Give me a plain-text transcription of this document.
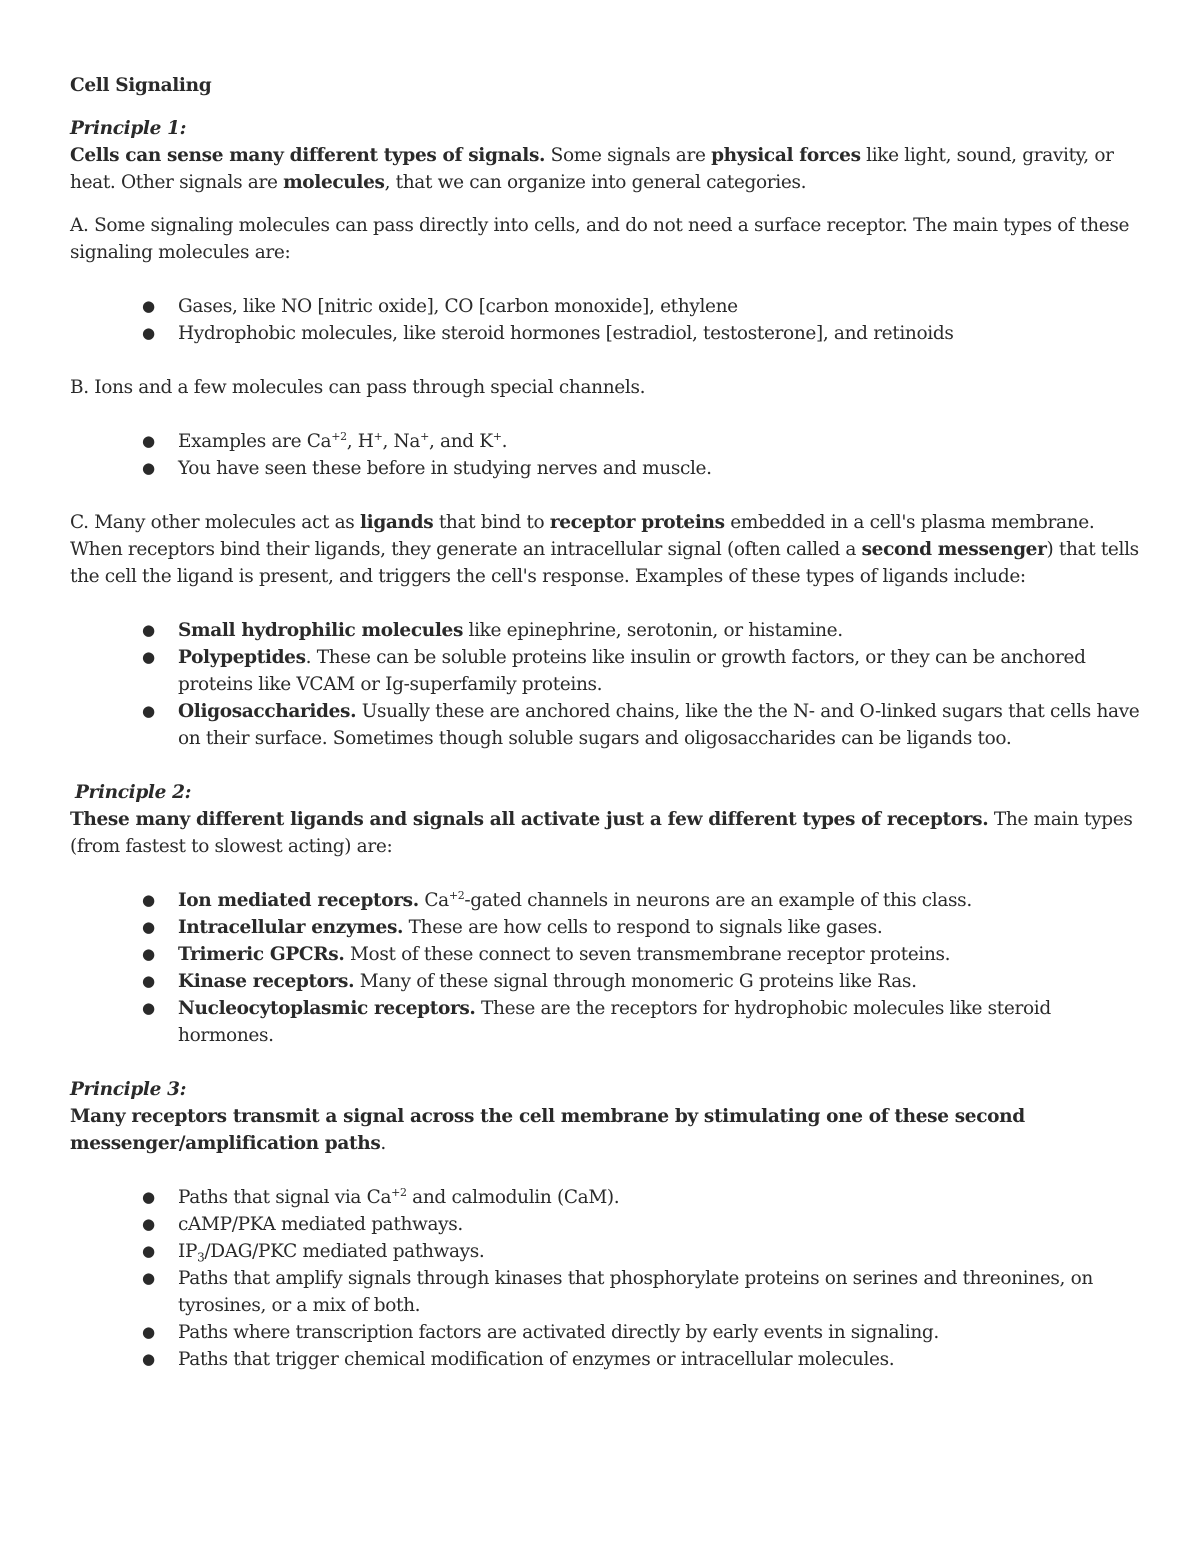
Cell Signaling

Principle 1:

Cells can sense many different types of signals. Some signals are physical forces like light, sound, gravity, or heat. Other signals are molecules, that we can organize into general categories.

A. Some signaling molecules can pass directly into cells, and do not need a surface receptor. The main types of these signaling molecules are:

● Gases, like NO [nitric oxide], CO [carbon monoxide], ethylene
● Hydrophobic molecules, like steroid hormones [estradiol, testosterone], and retinoids

B. Ions and a few molecules can pass through special channels.

● Examples are $Ca^{+2}$, H+, Na+, and K+.
● You have seen these before in studying nerves and muscle.

C. Many other molecules act as ligands that bind to receptor proteins embedded in a cell's plasma membrane. When receptors bind their ligands, they generate an intracellular signal (often called a second messenger) that tells the cell the ligand is present, and triggers the cell's response. Examples of these types of ligands include:

● Small hydrophilic molecules like epinephrine, serotonin, or histamine.
● Polypeptides. These can be soluble proteins like insulin or growth factors, or they can be anchored proteins like VCAM or Ig-superfamily proteins.
● Oligosaccharides. Usually these are anchored chains, like the the N- and O-linked sugars that cells have on their surface. Sometimes though soluble sugars and oligosaccharides can be ligands too.

Principle 2:

These many different ligands and signals all activate just a few different types of receptors. The main types (from fastest to slowest acting) are:

● Ion mediated receptors. $Ca^{+2}$-gated channels in neurons are an example of this class.
● Intracellular enzymes. These are how cells to respond to signals like gases.
● Trimeric GPCRs. Most of these connect to seven transmembrane receptor proteins.
● Kinase receptors. Many of these signal through monomeric G proteins like Ras.
● Nucleocytoplasmic receptors. These are the receptors for hydrophobic molecules like steroid hormones.

Principle 3:

Many receptors transmit a signal across the cell membrane by stimulating one of these second messenger/amplification paths.

● Paths that signal via $Ca^{+2}$ and calmodulin (CaM).
● cAMP/PKA mediated pathways.
● $IP_3/DAG$/PKC mediated pathways.
● Paths that amplify signals through kinases that phosphorylate proteins on serines and threonines, on tyrosines, or a mix of both.
● Paths where transcription factors are activated directly by early events in signaling.
● Paths that trigger chemical modification of enzymes or intracellular molecules.
